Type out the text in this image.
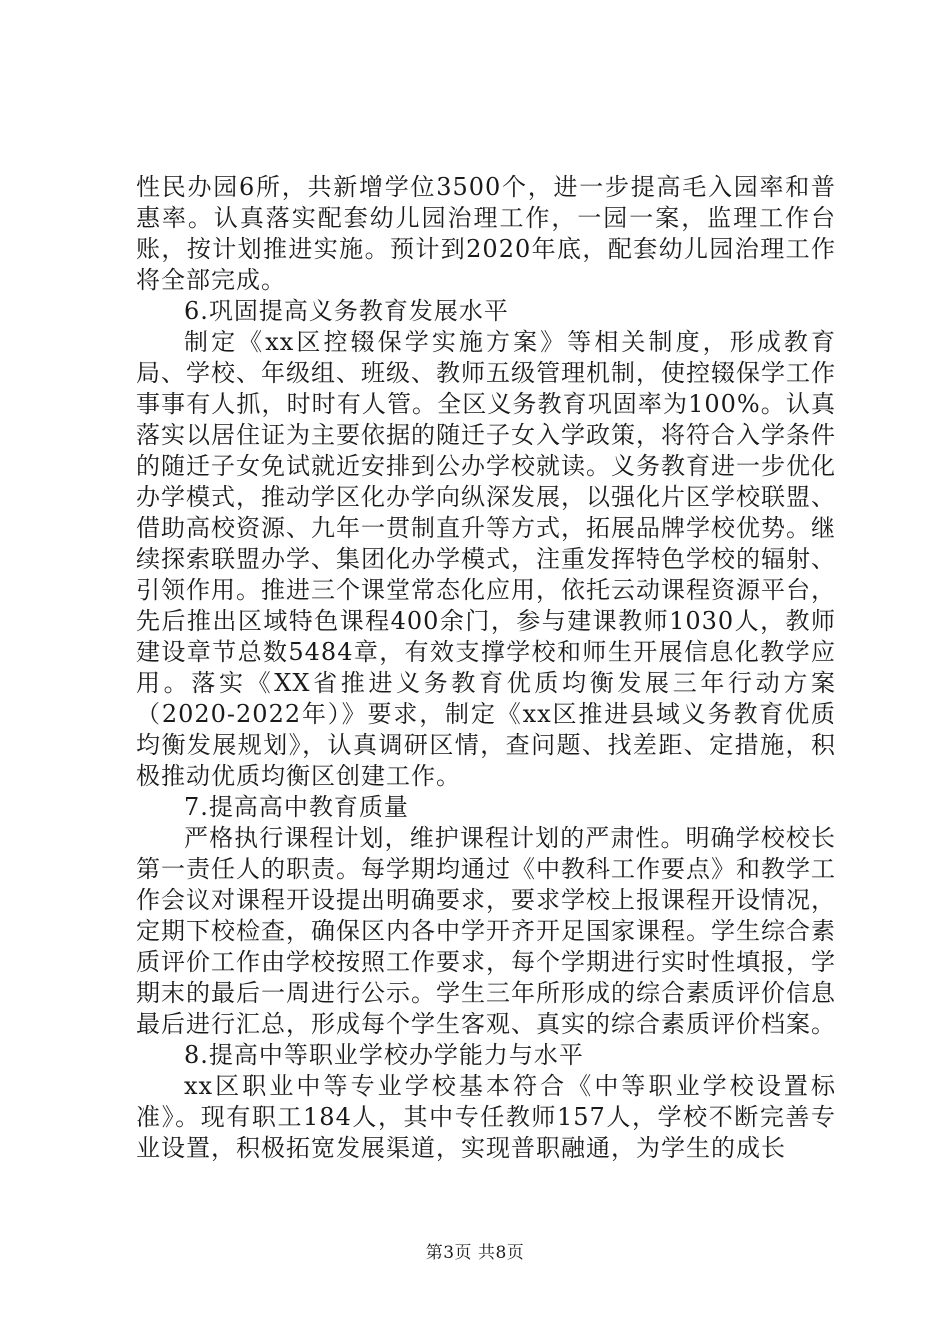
性民办园6所，共新增学位3500个，进一步提高毛入园率和普惠率。认真落实配套幼儿园治理工作，一园一案，监理工作台账，按计划推进实施。预计到2020年底，配套幼儿园治理工作将全部完成。

6.巩固提高义务教育发展水平

制定《xx区控辍保学实施方案》等相关制度，形成教育局、学校、年级组、班级、教师五级管理机制，使控辍保学工作事事有人抓，时时有人管。全区义务教育巩固率为100%。认真落实以居住证为主要依据的随迁子女入学政策，将符合入学条件的随迁子女免试就近安排到公办学校就读。义务教育进一步优化办学模式，推动学区化办学向纵深发展，以强化片区学校联盟、借助高校资源、九年一贯制直升等方式，拓展品牌学校优势。继续探索联盟办学、集团化办学模式，注重发挥特色学校的辐射、引领作用。推进三个课堂常态化应用，依托云动课程资源平台，先后推出区域特色课程400余门，参与建课教师1030人，教师建设章节总数5484章，有效支撑学校和师生开展信息化教学应用。落实《XX省推进义务教育优质均衡发展三年行动方案（2020-2022年）》要求，制定《xx区推进县域义务教育优质均衡发展规划》，认真调研区情，查问题、找差距、定措施，积极推动优质均衡区创建工作。

7.提高高中教育质量

严格执行课程计划，维护课程计划的严肃性。明确学校校长第一责任人的职责。每学期均通过《中教科工作要点》和教学工作会议对课程开设提出明确要求，要求学校上报课程开设情况，定期下校检查，确保区内各中学开齐开足国家课程。学生综合素质评价工作由学校按照工作要求，每个学期进行实时性填报，学期末的最后一周进行公示。学生三年所形成的综合素质评价信息最后进行汇总，形成每个学生客观、真实的综合素质评价档案。

8.提高中等职业学校办学能力与水平

xx区职业中等专业学校基本符合《中等职业学校设置标准》。现有职工184人，其中专任教师157人，学校不断完善专业设置，积极拓宽发展渠道，实现普职融通，为学生的成长

第3页 共8页
